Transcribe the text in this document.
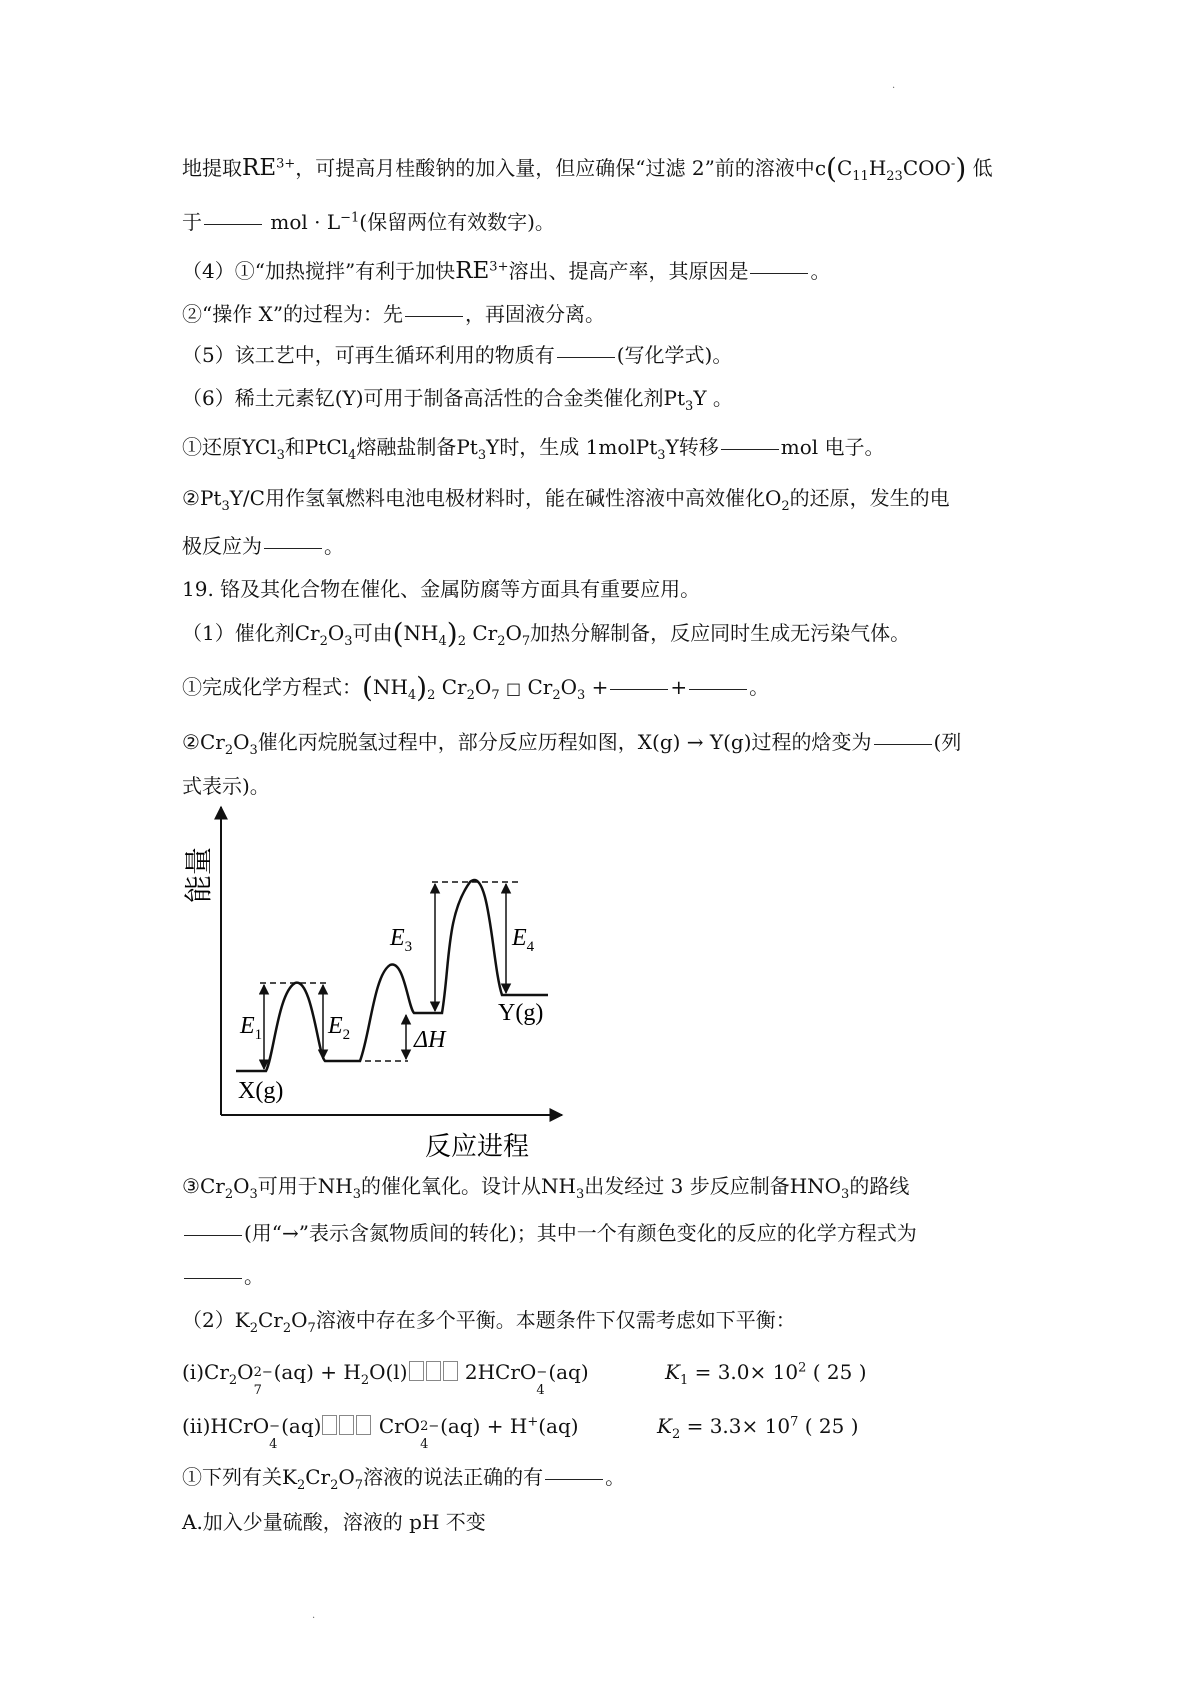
.
地提取$RE^{3+}$，可提高月桂酸钠的加入量，但应确保“过滤 2”前的溶液中$c(C_{11}H_{23}COO^-)$ 低
于	mol · $L^{-1}$(保留两位有效数字)。
（4）①“加热搅拌”有利于加快$RE^{3+}$溶出、提高产率，其原因是	。
②“操作 X”的过程为：先	，再固液分离。
（5）该工艺中，可再生循环利用的物质有	(写化学式)。
（6）稀土元素钇(Y)可用于制备高活性的合金类催化剂$Pt_3Y$ 。
①还原YCl$_3$和PtCl$_4$熔融盐制备$Pt_3Y$时，生成 1molPt$_3$Y转移	mol 电子。
$②Pt_3Y/C$用作氢氧燃料电池电极材料时，能在碱性溶液中高效催化$O_2$的还原，发生的电
极反应为	。
19. 铬及其化合物在催化、金属防腐等方面具有重要应用。
（1）催化剂$Cr_2O_3$可由$(NH_4)_2$ $Cr_2O_7$加热分解制备，反应同时生成无污染气体。
①完成化学方程式：$(NH_4)_2$ $Cr_2O_7$ □ $Cr_2O_3$ +	+	。
$②Cr_2O_3$催化丙烷脱氢过程中，部分反应历程如图，X(g) → Y(g)过程的焓变为	(列
式表示)。
能量
反应进程
$E_1$	$E_2$
$E_3$	$E_4$
ΔH
X(g)
Y(g)
$③Cr_2O_3$可用于$NH_3$的催化氧化。设计从$NH_3$出发经过 3 步反应制备$HNO_3$的路线
(用“→”表示含氮物质间的转化)；其中一个有颜色变化的反应的化学方程式为
。
$(2)K_2Cr_2O_7$溶液中存在多个平衡。本题条件下仅需考虑如下平衡：
$(ⅰ)Cr_2O$ 2−
7
$(aq) + H_2O(l)$	2HCrO −
4
(aq)	$K_1 = 3.0\times 10^2$ ( 25 )
(ⅱ)HCrO −
4
(aq)	CrO 2−
4
(aq) + H+(aq)	$K_2 = 3.3\times 10^7$ ( 25 )
①下列有关$K_2Cr_2O_7$溶液的说法正确的有	。
A.加入少量硫酸，溶液的 pH 不变
.
